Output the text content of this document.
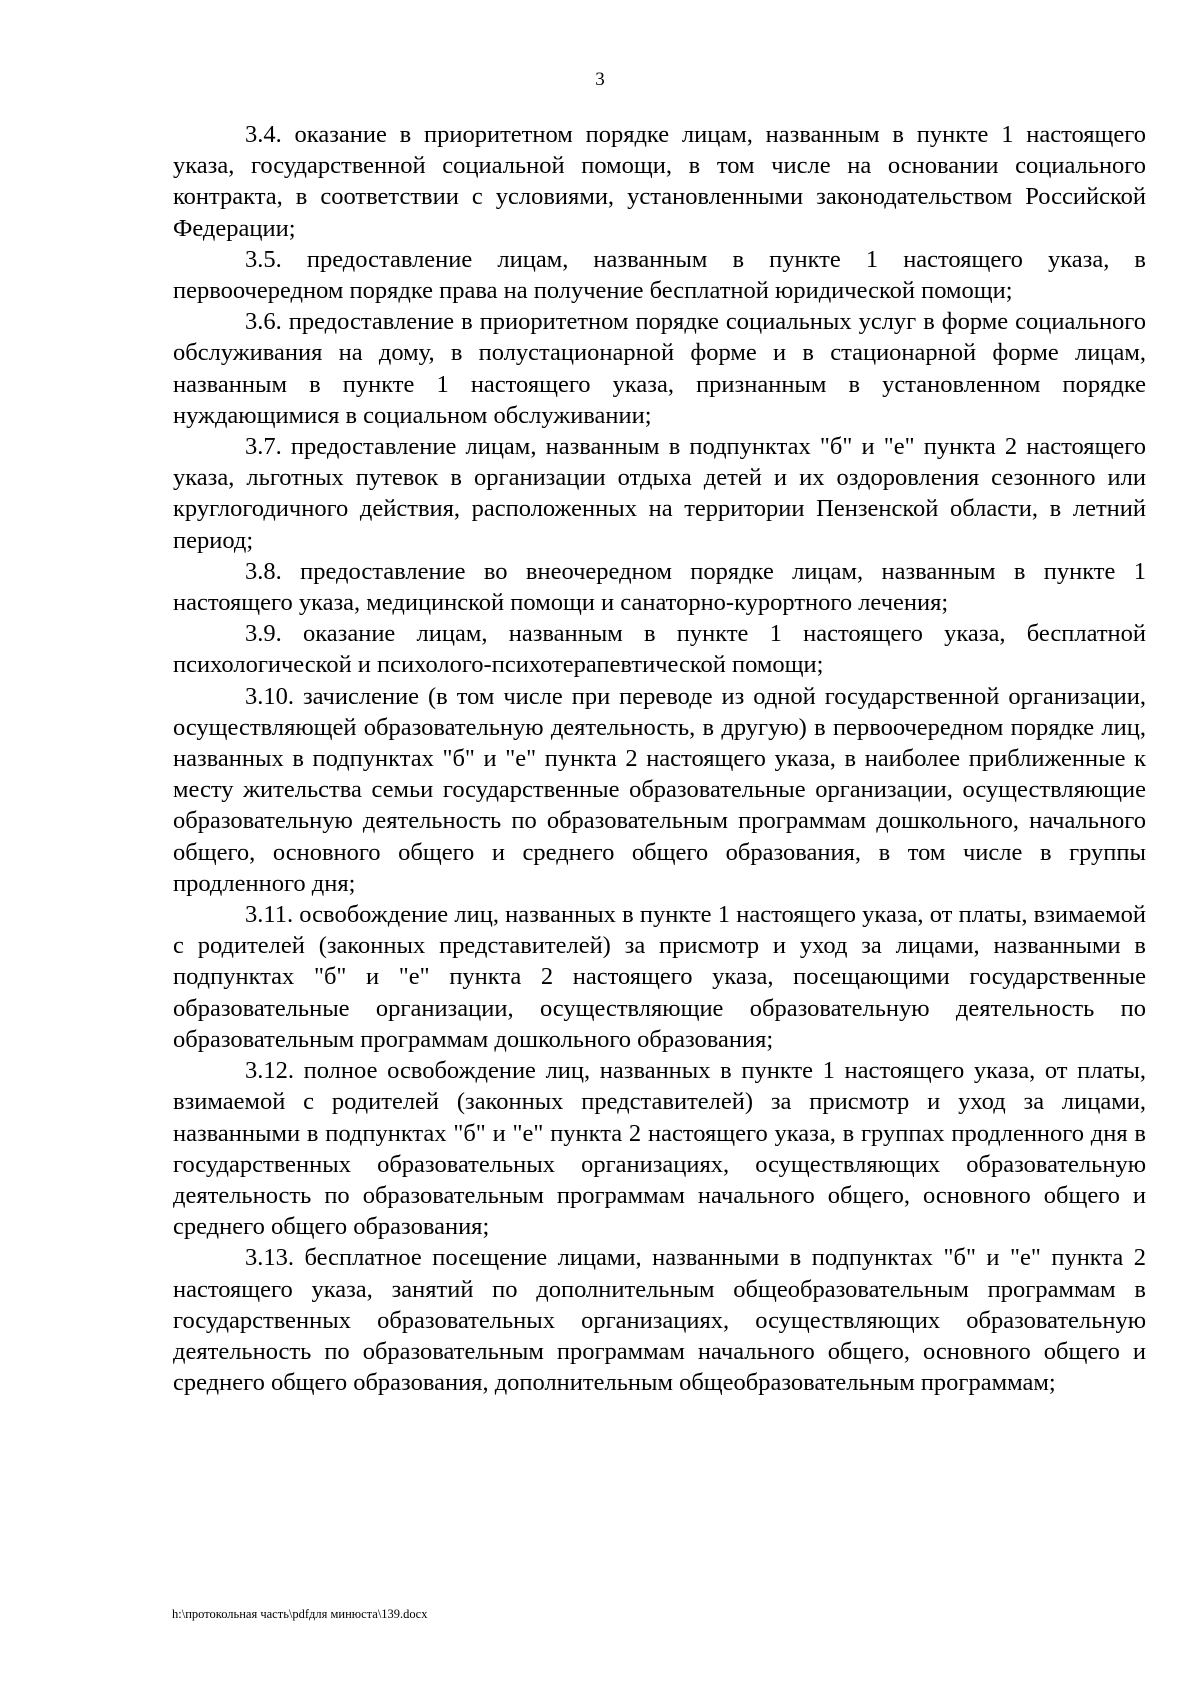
3

3.4. оказание в приоритетном порядке лицам, названным в пункте 1 настоящего указа, государственной социальной помощи, в том числе на основании социального контракта, в соответствии с условиями, установленными законодательством Российской Федерации;

3.5. предоставление лицам, названным в пункте 1 настоящего указа, в первоочередном порядке права на получение бесплатной юридической помощи;

3.6. предоставление в приоритетном порядке социальных услуг в форме социального обслуживания на дому, в полустационарной форме и в стационарной форме лицам, названным в пункте 1 настоящего указа, признанным в установленном порядке нуждающимися в социальном обслуживании;

3.7. предоставление лицам, названным в подпунктах "б" и "е" пункта 2 настоящего указа, льготных путевок в организации отдыха детей и их оздоровления сезонного или круглогодичного действия, расположенных на территории Пензенской области, в летний период;

3.8. предоставление во внеочередном порядке лицам, названным в пункте 1 настоящего указа, медицинской помощи и санаторно-курортного лечения;

3.9. оказание лицам, названным в пункте 1 настоящего указа, бесплатной психологической и психолого-психотерапевтической помощи;

3.10. зачисление (в том числе при переводе из одной государственной организации, осуществляющей образовательную деятельность, в другую) в первоочередном порядке лиц, названных в подпунктах "б" и "е" пункта 2 настоящего указа, в наиболее приближенные к месту жительства семьи государственные образовательные организации, осуществляющие образовательную деятельность по образовательным программам дошкольного, начального общего, основного общего и среднего общего образования, в том числе в группы продленного дня;

3.11. освобождение лиц, названных в пункте 1 настоящего указа, от платы, взимаемой с родителей (законных представителей) за присмотр и уход за лицами, названными в подпунктах "б" и "е" пункта 2 настоящего указа, посещающими государственные образовательные организации, осуществляющие образовательную деятельность по образовательным программам дошкольного образования;

3.12. полное освобождение лиц, названных в пункте 1 настоящего указа, от платы, взимаемой с родителей (законных представителей) за присмотр и уход за лицами, названными в подпунктах "б" и "е" пункта 2 настоящего указа, в группах продленного дня в государственных образовательных организациях, осуществляющих образовательную деятельность по образовательным программам начального общего, основного общего и среднего общего образования;

3.13. бесплатное посещение лицами, названными в подпунктах "б" и "е" пункта 2 настоящего указа, занятий по дополнительным общеобразовательным программам в государственных образовательных организациях, осуществляющих образовательную деятельность по образовательным программам начального общего, основного общего и среднего общего образования, дополнительным общеобразовательным программам;

h:\протокольная часть\pdfдля минюста\139.docx
